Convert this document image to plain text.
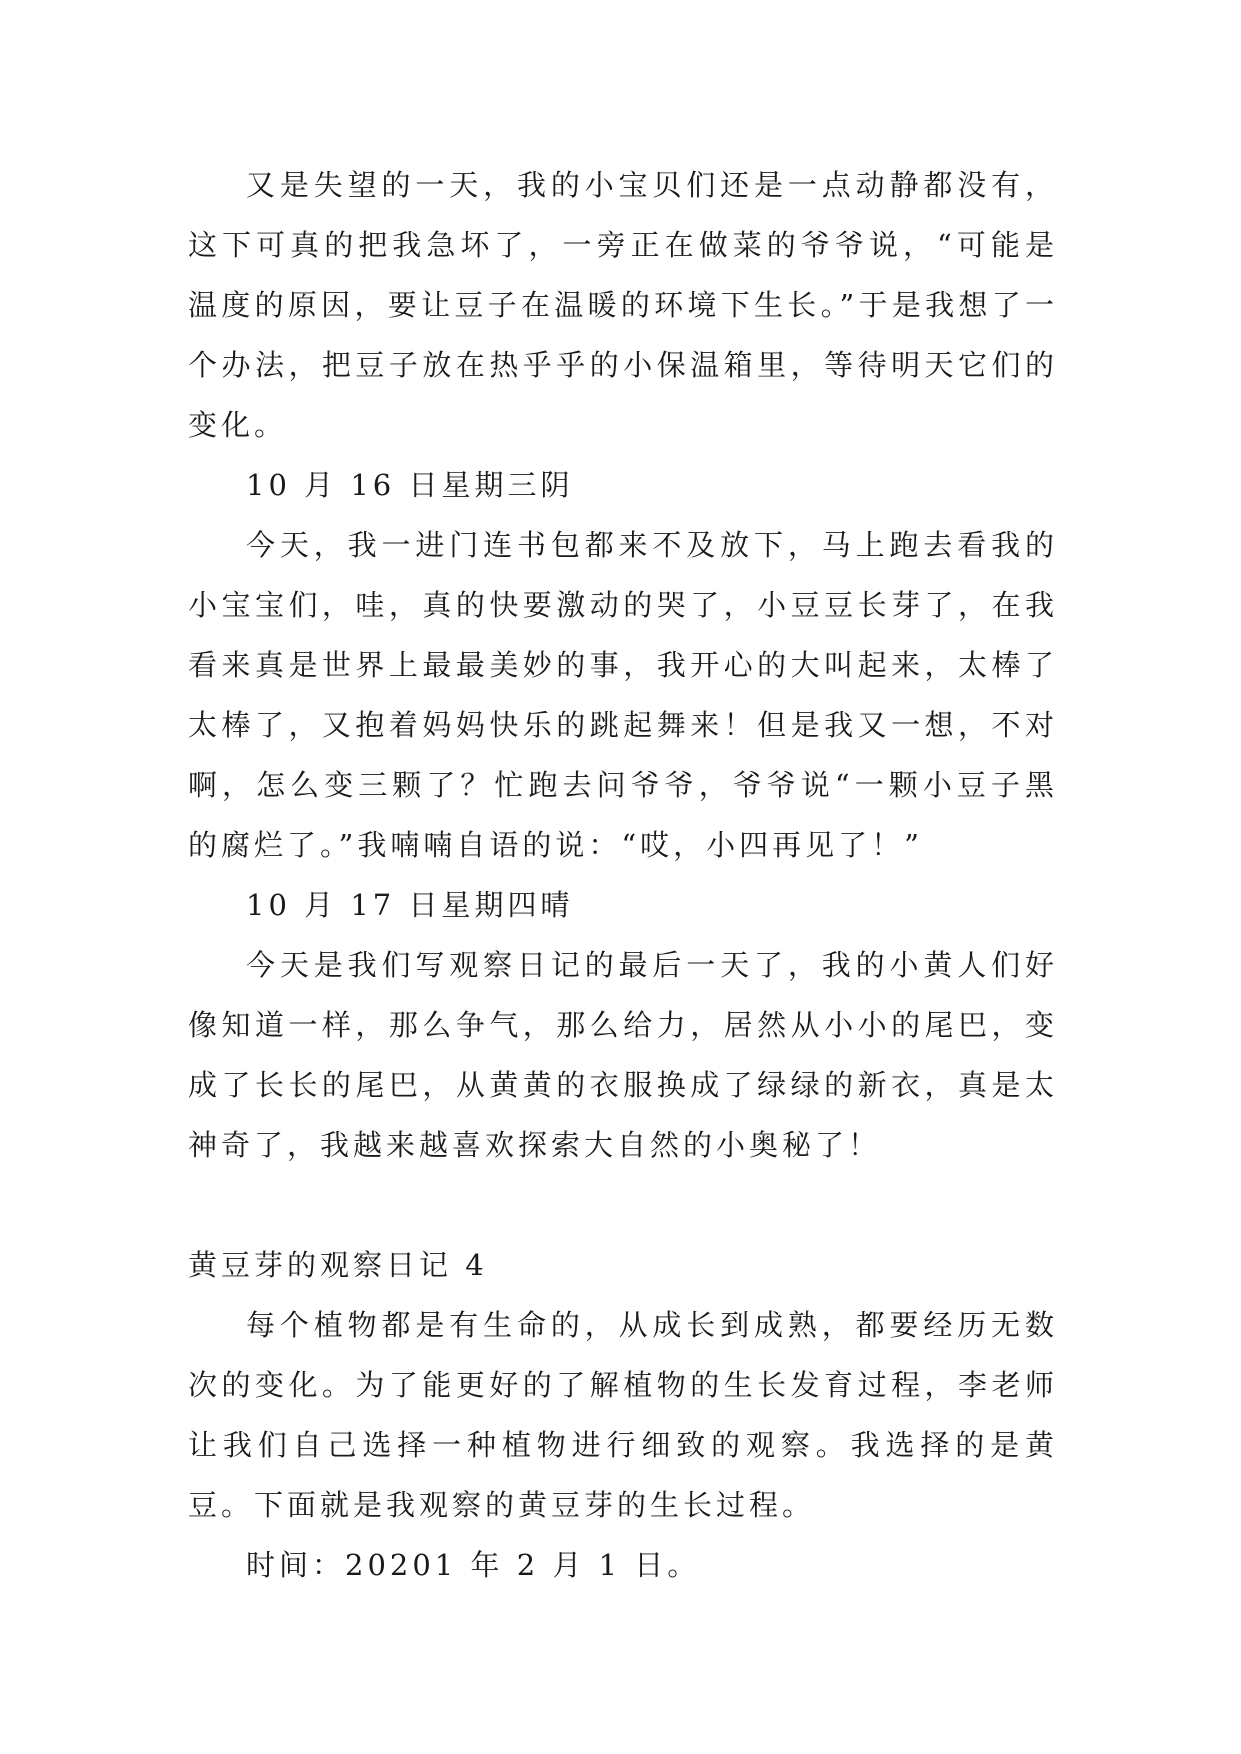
又是失望的一天，我的小宝贝们还是一点动静都没有，这下可真的把我急坏了，一旁正在做菜的爷爷说，“可能是温度的原因，要让豆子在温暖的环境下生长。”于是我想了一个办法，把豆子放在热乎乎的小保温箱里，等待明天它们的变化。

10 月 16 日星期三阴

今天，我一进门连书包都来不及放下，马上跑去看我的小宝宝们，哇，真的快要激动的哭了，小豆豆长芽了，在我看来真是世界上最最美妙的事，我开心的大叫起来，太棒了太棒了，又抱着妈妈快乐的跳起舞来！但是我又一想，不对啊，怎么变三颗了？忙跑去问爷爷，爷爷说“一颗小豆子黑的腐烂了。”我喃喃自语的说：“哎，小四再见了！”

10 月 17 日星期四晴

今天是我们写观察日记的最后一天了，我的小黄人们好像知道一样，那么争气，那么给力，居然从小小的尾巴，变成了长长的尾巴，从黄黄的衣服换成了绿绿的新衣，真是太神奇了，我越来越喜欢探索大自然的小奥秘了！

黄豆芽的观察日记 4

每个植物都是有生命的，从成长到成熟，都要经历无数次的变化。为了能更好的了解植物的生长发育过程，李老师让我们自己选择一种植物进行细致的观察。我选择的是黄豆。下面就是我观察的黄豆芽的生长过程。

时间：20201 年 2 月 1 日。
